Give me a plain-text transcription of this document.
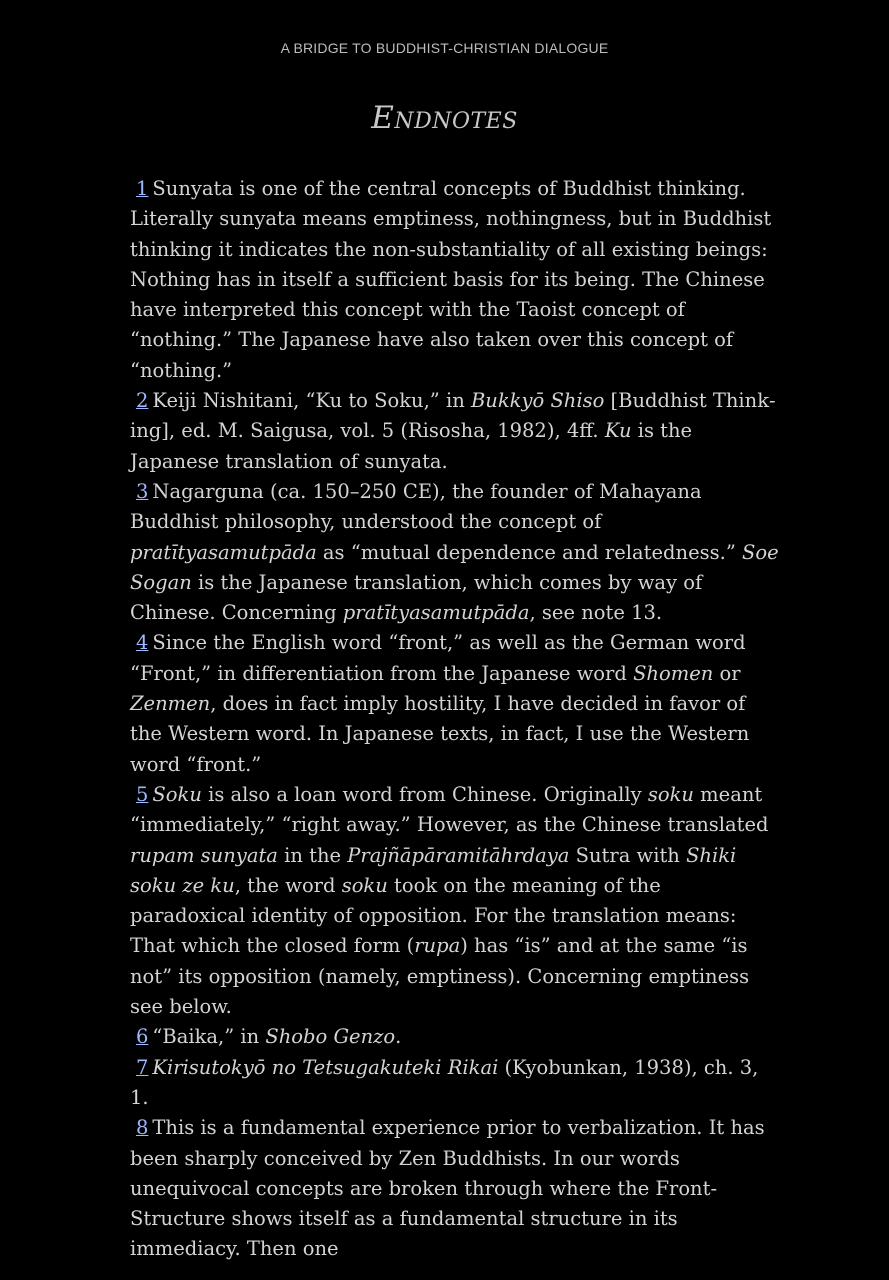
A BRIDGE TO BUDDHIST-CHRISTIAN DIALOGUE
Endnotes

1 Sunyata is one of the central concepts of Buddhist thinking. Literally sunyata means emptiness, nothingness, but in Buddhist thinking it indicates the non-substantiality of all existing beings: Nothing has in itself a sufficient basis for its being. The Chinese have interpreted this concept with the Taoist concept of “nothing.” The Japanese have also taken over this concept of “nothing.”

2 Keiji Nishitani, “Ku to Soku,” in Bukkyō Shiso [Buddhist Thinking], ed. M. Saigusa, vol. 5 (Risosha, 1982), 4ff. Ku is the Japanese translation of sunyata.

3 Nagarguna (ca. 150–250 CE), the founder of Mahayana Buddhist philosophy, understood the concept of pratītyasamutpāda as “mutual dependence and relatedness.” Soe Sogan is the Japanese translation, which comes by way of Chinese. Concerning pratītyasamutpāda, see note 13.

4 Since the English word “front,” as well as the German word “Front,” in differentiation from the Japanese word Shomen or Zenmen, does in fact imply hostility, I have decided in favor of the Western word. In Japanese texts, in fact, I use the Western word “front.”

5 Soku is also a loan word from Chinese. Originally soku meant “immediately,” “right away.” However, as the Chinese translated rupam sunyata in the Prajñāpāramitāhrdaya Sutra with Shiki soku ze ku, the word soku took on the meaning of the paradoxical identity of opposition. For the translation means: That which the closed form (rupa) has “is” and at the same “is not” its opposition (namely, emptiness). Concerning emptiness see below.

6 “Baika,” in Shobo Genzo.

7 Kirisutokyō no Tetsugakuteki Rikai (Kyobunkan, 1938), ch. 3, 1.

8 This is a fundamental experience prior to verbalization. It has been sharply conceived by Zen Buddhists. In our words unequivocal concepts are broken through where the Front-Structure shows itself as a fundamental structure in its immediacy. Then one
